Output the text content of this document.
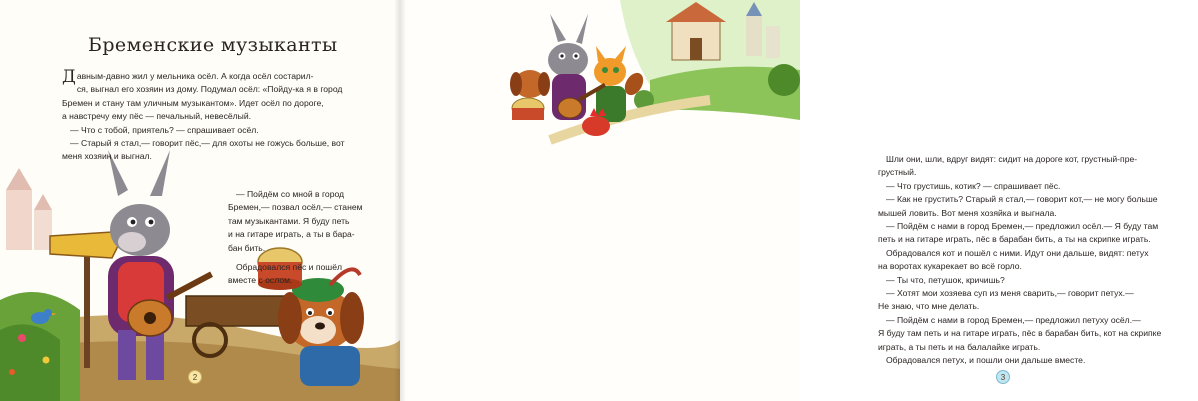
Бременские музыканты

Давным-давно жил у мельника осёл. А когда осёл состарил-

ся, выгнал его хозяин из дому. Подумал осёл: «Пойду-ка я в город

Бремен и стану там уличным музыкантом». Идет осёл по дороге,

а навстречу ему пёс — печальный, невесёлый.

— Что с тобой, приятель? — спрашивает осёл.

— Старый я стал,— говорит пёс,— для охоты не гожусь больше, вот

меня хозяин и выгнал.

— Пойдём со мной в город

Бремен,— позвал осёл,— станем

там музыкантами. Я буду петь

и на гитаре играть, а ты в бара-

бан бить.

Обрадовался пёс и пошёл

вместе с ослом.

2

Шли они, шли, вдруг видят: сидит на дороге кот, грустный-пре-

грустный.

— Что грустишь, котик? — спрашивает пёс.

— Как не грустить? Старый я стал,— говорит кот,— не могу больше

мышей ловить. Вот меня хозяйка и выгнала.

— Пойдём с нами в город Бремен,— предложил осёл.— Я буду там

петь и на гитаре играть, пёс в барабан бить, а ты на скрипке играть.

Обрадовался кот и пошёл с ними. Идут они дальше, видят: петух

на воротах кукарекает во всё горло.

— Ты что, петушок, кричишь?

— Хотят мои хозяева суп из меня сварить,— говорит петух.—

Не знаю, что мне делать.

— Пойдём с нами в город Бремен,— предложил петуху осёл.—

Я буду там петь и на гитаре играть, пёс в барабан бить, кот на скрипке

играть, а ты петь и на балалайке играть.

Обрадовался петух, и пошли они дальше вместе.

3
